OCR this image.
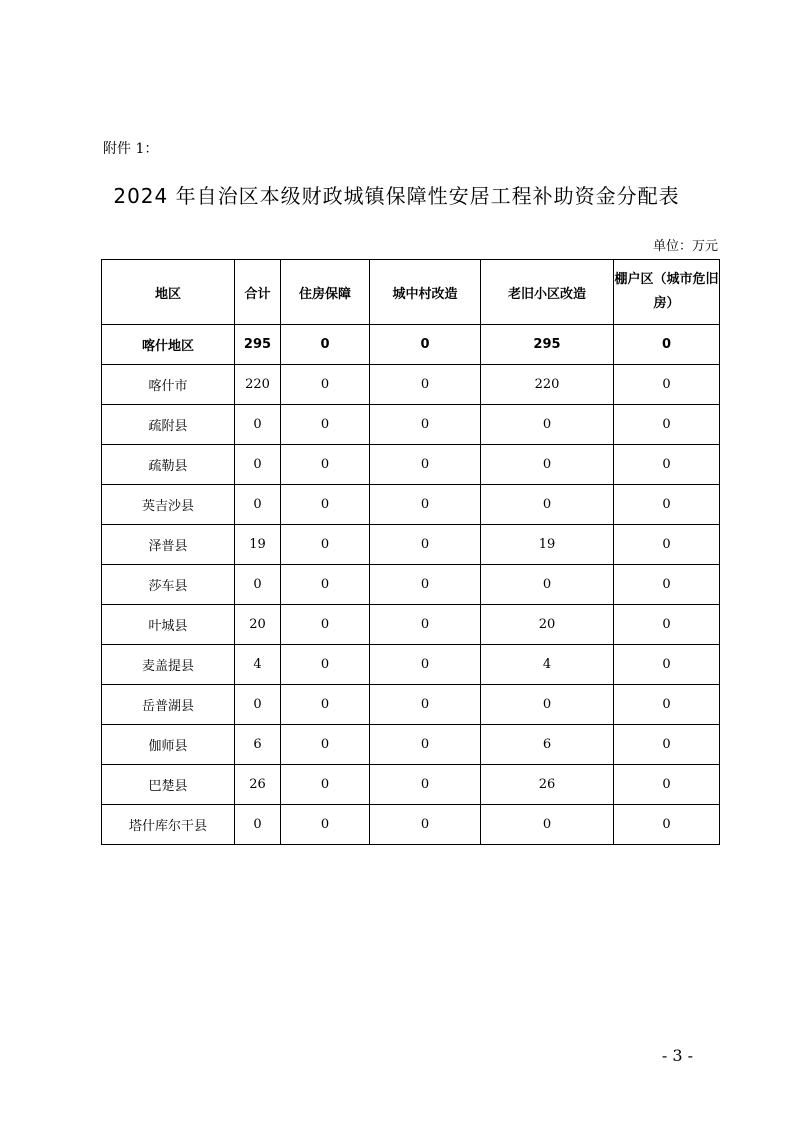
附件 1：
2024 年自治区本级财政城镇保障性安居工程补助资金分配表
单位：万元
地区	合计	住房保障	城中村改造	老旧小区改造	棚户区（城市危旧房）
喀什地区	295	0	0	295	0
喀什市	220	0	0	220	0
疏附县	0	0	0	0	0
疏勒县	0	0	0	0	0
英吉沙县	0	0	0	0	0
泽普县	19	0	0	19	0
莎车县	0	0	0	0	0
叶城县	20	0	0	20	0
麦盖提县	4	0	0	4	0
岳普湖县	0	0	0	0	0
伽师县	6	0	0	6	0
巴楚县	26	0	0	26	0
塔什库尔干县	0	0	0	0	0
- 3 -
